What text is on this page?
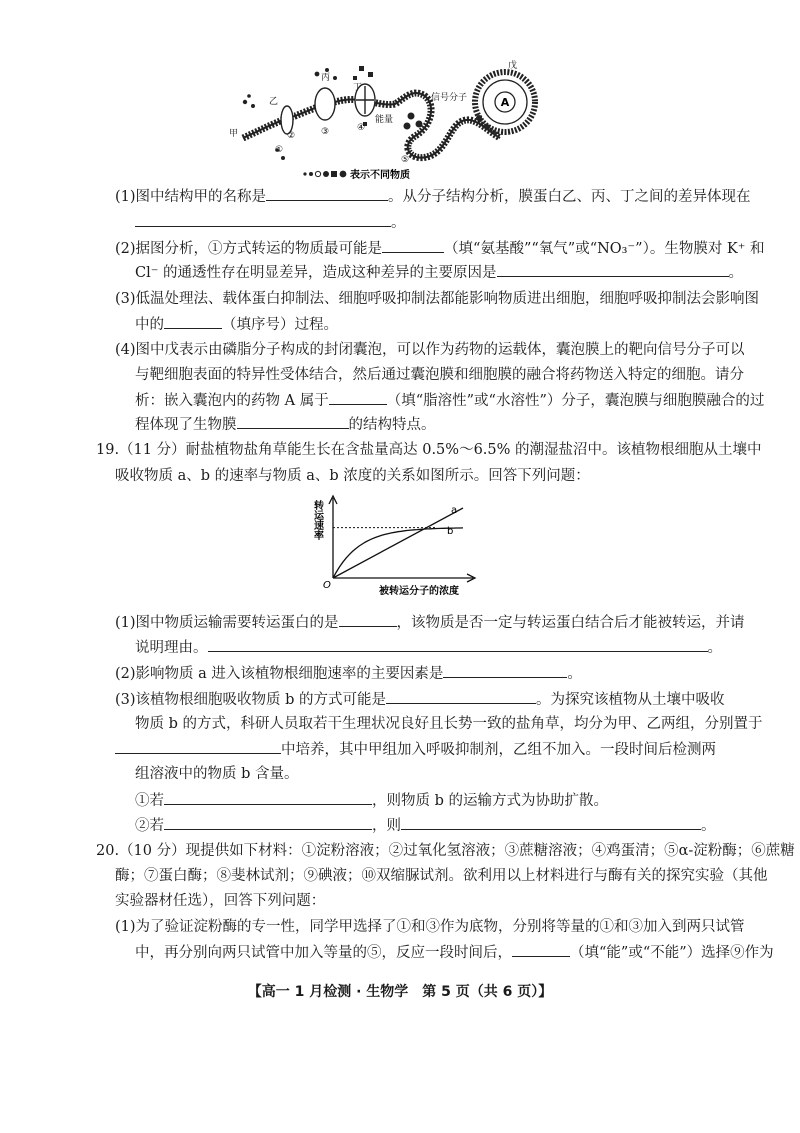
A
甲
乙
丙
丁
戊
①
②	③	④
⑤
能量
信号分子
表示不同物质
(1)图中结构甲的名称是	。从分子结构分析，膜蛋白乙、丙、丁之间的差异体现在
。
(2)据图分析，①方式转运的物质最可能是	（填“氨基酸”“氧气”或“NO₃⁻”）。生物膜对 K⁺ 和
Cl⁻ 的通透性存在明显差异，造成这种差异的主要原因是	。
(3)低温处理法、载体蛋白抑制法、细胞呼吸抑制法都能影响物质进出细胞，细胞呼吸抑制法会影响图
中的	（填序号）过程。
(4)图中戊表示由磷脂分子构成的封闭囊泡，可以作为药物的运载体，囊泡膜上的靶向信号分子可以
与靶细胞表面的特异性受体结合，然后通过囊泡膜和细胞膜的融合将药物送入特定的细胞。请分
析：嵌入囊泡内的药物 A 属于	（填“脂溶性”或“水溶性”）分子，囊泡膜与细胞膜融合的过
程体现了生物膜	的结构特点。
19.（11 分）耐盐植物盐角草能生长在含盐量高达 0.5%～6.5% 的潮湿盐沼中。该植物根细胞从土壤中
吸收物质 a、b 的速率与物质 a、b 浓度的关系如图所示。回答下列问题：
转运速率
O
被转运分子的浓度
a
b
(1)图中物质运输需要转运蛋白的是	，该物质是否一定与转运蛋白结合后才能被转运，并请
说明理由。	。
(2)影响物质 a 进入该植物根细胞速率的主要因素是	。
(3)该植物根细胞吸收物质 b 的方式可能是	。为探究该植物从土壤中吸收
物质 b 的方式，科研人员取若干生理状况良好且长势一致的盐角草，均分为甲、乙两组，分别置于
中培养，其中甲组加入呼吸抑制剂，乙组不加入。一段时间后检测两
组溶液中的物质 b 含量。
①若	，则物质 b 的运输方式为协助扩散。
②若	，则	。
20.（10 分）现提供如下材料：①淀粉溶液；②过氧化氢溶液；③蔗糖溶液；④鸡蛋清；⑤α-淀粉酶；⑥蔗糖
酶；⑦蛋白酶；⑧斐林试剂；⑨碘液；⑩双缩脲试剂。欲利用以上材料进行与酶有关的探究实验（其他
实验器材任选），回答下列问题：
(1)为了验证淀粉酶的专一性，同学甲选择了①和③作为底物，分别将等量的①和③加入到两只试管
中，再分别向两只试管中加入等量的⑤，反应一段时间后，	（填“能”或“不能”）选择⑨作为
【高一 1 月检测 · 生物学　第 5 页（共 6 页）】
